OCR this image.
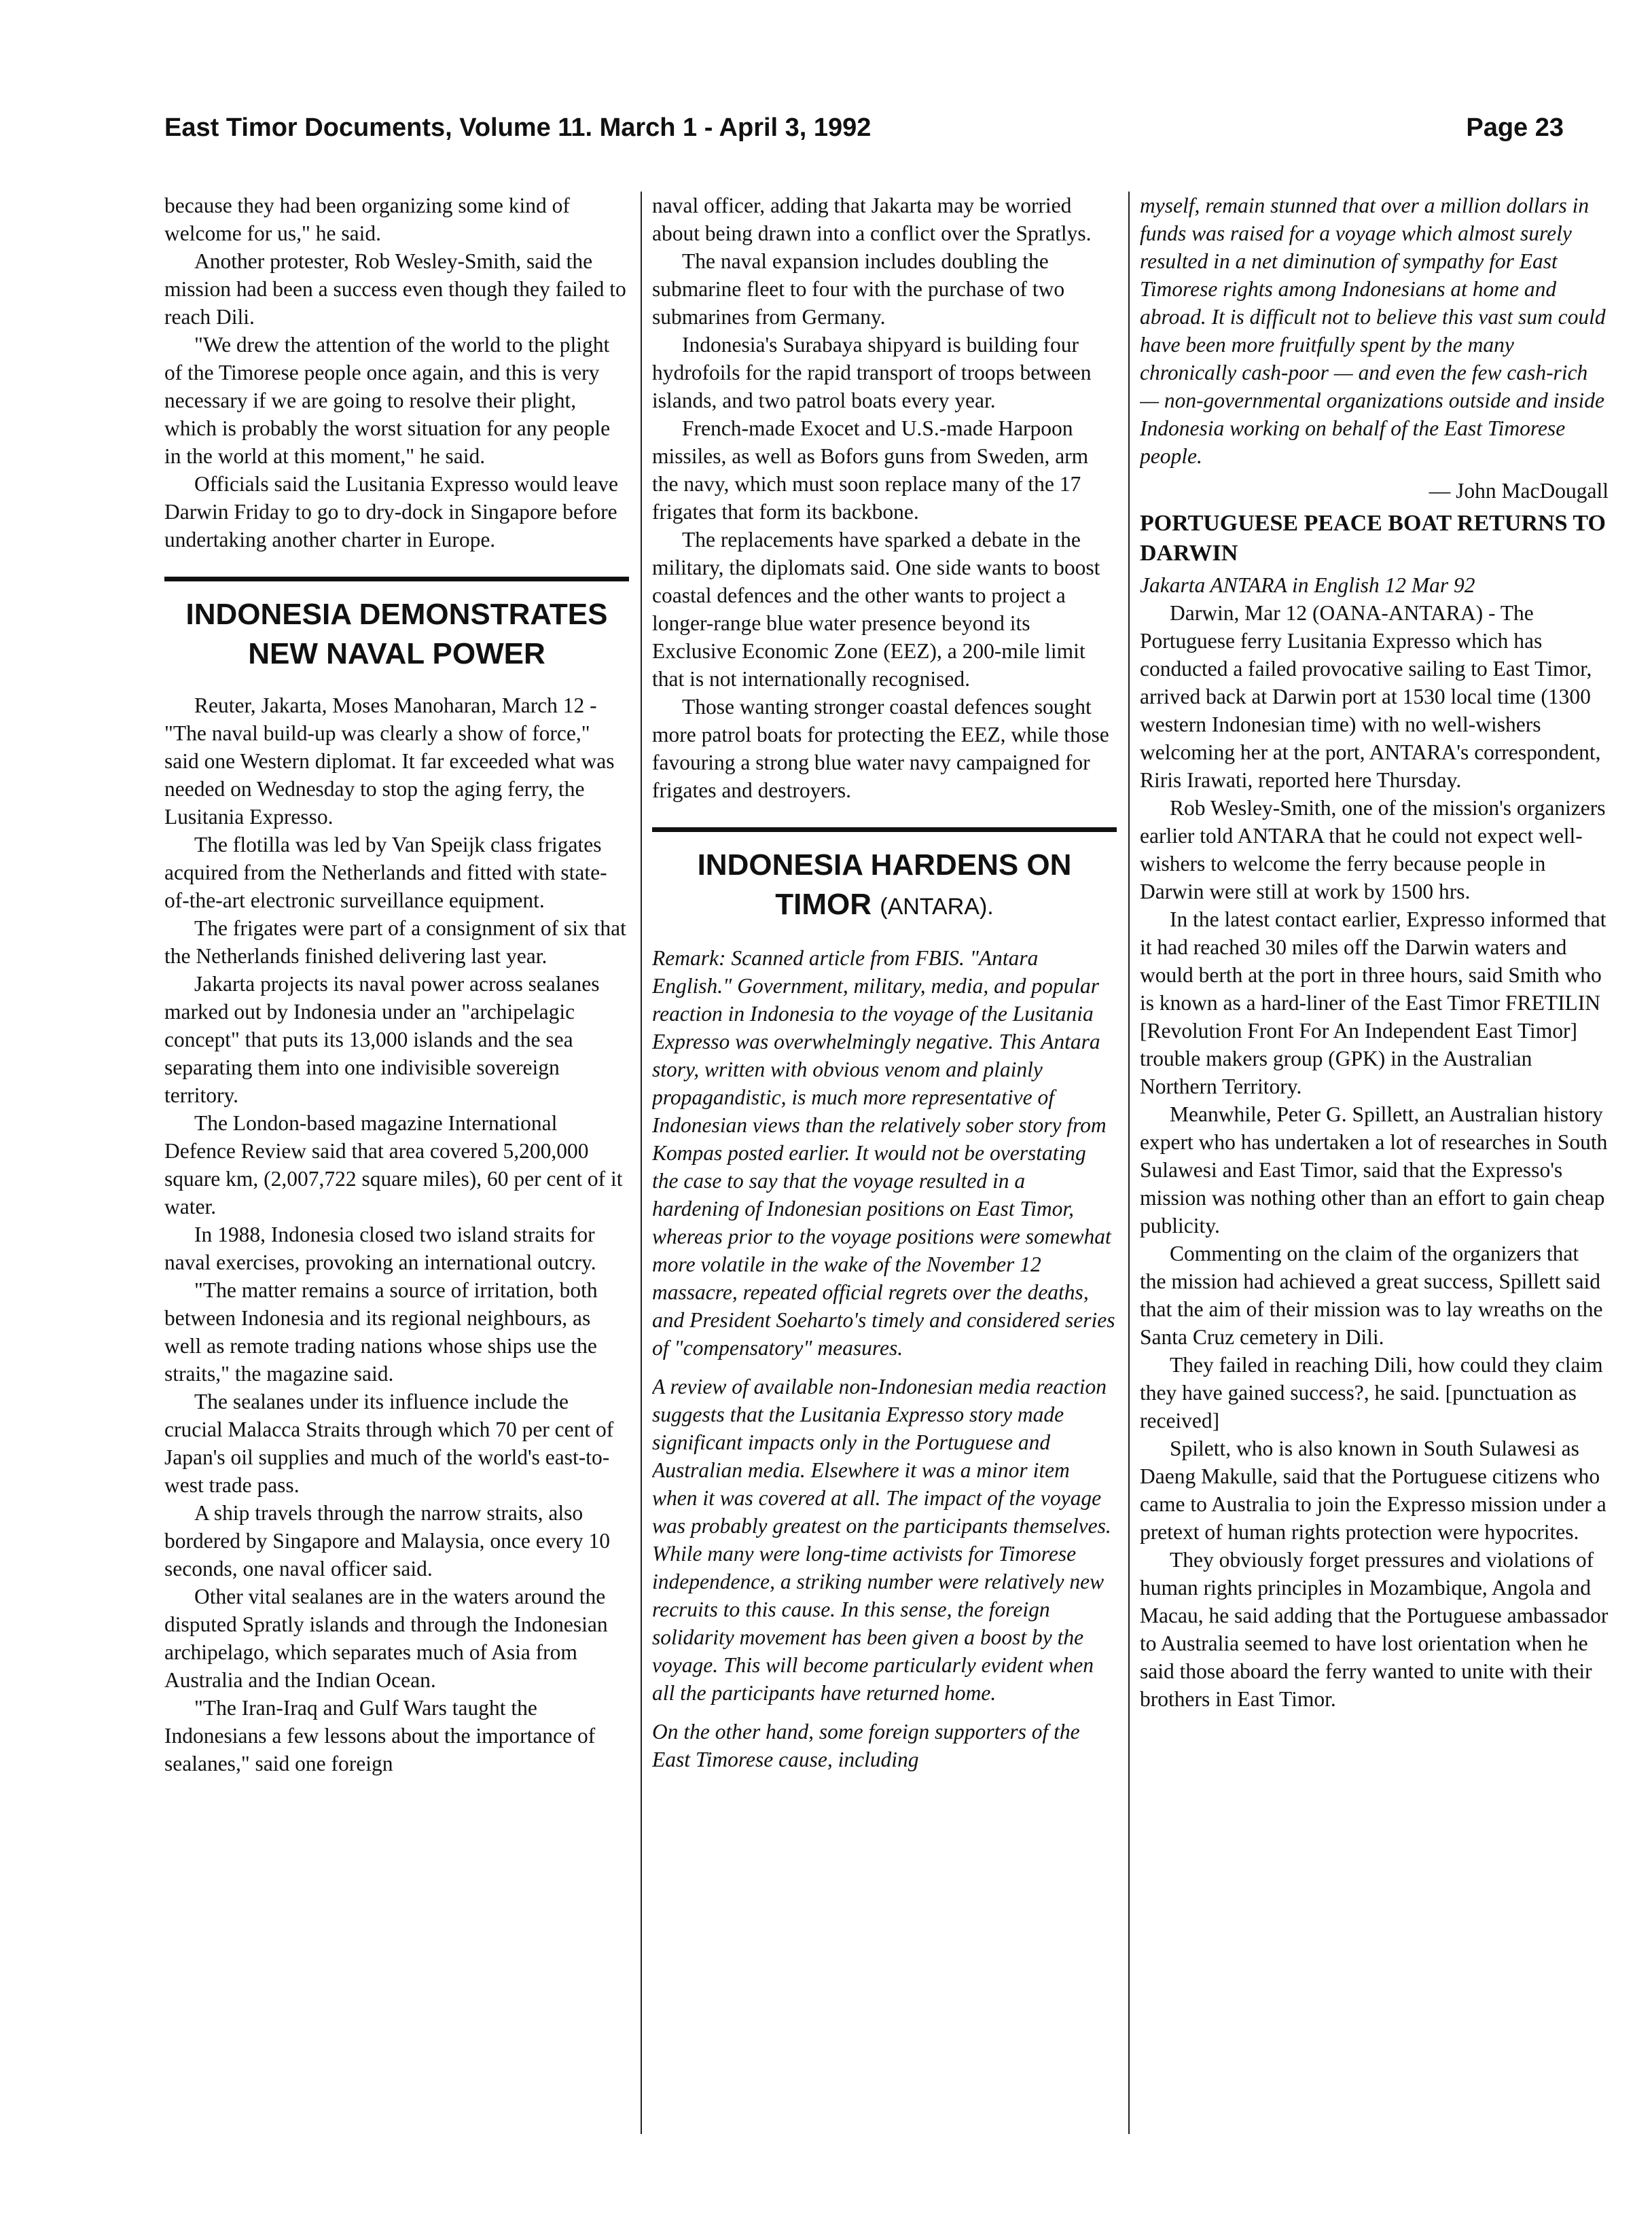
East Timor Documents, Volume 11. March 1 - April 3, 1992	Page 23

because they had been organizing some kind of welcome for us," he said.

Another protester, Rob Wesley-Smith, said the mission had been a success even though they failed to reach Dili.

"We drew the attention of the world to the plight of the Timorese people once again, and this is very necessary if we are going to resolve their plight, which is probably the worst situation for any people in the world at this moment," he said.

Officials said the Lusitania Expresso would leave Darwin Friday to go to dry-dock in Singapore before undertaking another charter in Europe.

INDONESIA DEMONSTRATES NEW NAVAL POWER

Reuter, Jakarta, Moses Manoharan, March 12 - "The naval build-up was clearly a show of force," said one Western diplomat. It far exceeded what was needed on Wednesday to stop the aging ferry, the Lusitania Expresso.

The flotilla was led by Van Speijk class frigates acquired from the Netherlands and fitted with state-of-the-art electronic surveillance equipment.

The frigates were part of a consignment of six that the Netherlands finished delivering last year.

Jakarta projects its naval power across sealanes marked out by Indonesia under an "archipelagic concept" that puts its 13,000 islands and the sea separating them into one indivisible sovereign territory.

The London-based magazine International Defence Review said that area covered 5,200,000 square km, (2,007,722 square miles), 60 per cent of it water.

In 1988, Indonesia closed two island straits for naval exercises, provoking an international outcry.

"The matter remains a source of irritation, both between Indonesia and its regional neighbours, as well as remote trading nations whose ships use the straits," the magazine said.

The sealanes under its influence include the crucial Malacca Straits through which 70 per cent of Japan's oil supplies and much of the world's east-to-west trade pass.

A ship travels through the narrow straits, also bordered by Singapore and Malaysia, once every 10 seconds, one naval officer said.

Other vital sealanes are in the waters around the disputed Spratly islands and through the Indonesian archipelago, which separates much of Asia from Australia and the Indian Ocean.

"The Iran-Iraq and Gulf Wars taught the Indonesians a few lessons about the importance of sealanes," said one foreign

naval officer, adding that Jakarta may be worried about being drawn into a conflict over the Spratlys.

The naval expansion includes doubling the submarine fleet to four with the purchase of two submarines from Germany.

Indonesia's Surabaya shipyard is building four hydrofoils for the rapid transport of troops between islands, and two patrol boats every year.

French-made Exocet and U.S.-made Harpoon missiles, as well as Bofors guns from Sweden, arm the navy, which must soon replace many of the 17 frigates that form its backbone.

The replacements have sparked a debate in the military, the diplomats said. One side wants to boost coastal defences and the other wants to project a longer-range blue water presence beyond its Exclusive Economic Zone (EEZ), a 200-mile limit that is not internationally recognised.

Those wanting stronger coastal defences sought more patrol boats for protecting the EEZ, while those favouring a strong blue water navy campaigned for frigates and destroyers.

INDONESIA HARDENS ON TIMOR (ANTARA).

Remark: Scanned article from FBIS. "Antara English." Government, military, media, and popular reaction in Indonesia to the voyage of the Lusitania Expresso was overwhelmingly negative. This Antara story, written with obvious venom and plainly propagandistic, is much more representative of Indonesian views than the relatively sober story from Kompas posted earlier. It would not be overstating the case to say that the voyage resulted in a hardening of Indonesian positions on East Timor, whereas prior to the voyage positions were somewhat more volatile in the wake of the November 12 massacre, repeated official regrets over the deaths, and President Soeharto's timely and considered series of "compensatory" measures.

A review of available non-Indonesian media reaction suggests that the Lusitania Expresso story made significant impacts only in the Portuguese and Australian media. Elsewhere it was a minor item when it was covered at all. The impact of the voyage was probably greatest on the participants themselves. While many were long-time activists for Timorese independence, a striking number were relatively new recruits to this cause. In this sense, the foreign solidarity movement has been given a boost by the voyage. This will become particularly evident when all the participants have returned home.

On the other hand, some foreign supporters of the East Timorese cause, including

myself, remain stunned that over a million dollars in funds was raised for a voyage which almost surely resulted in a net diminution of sympathy for East Timorese rights among Indonesians at home and abroad. It is difficult not to believe this vast sum could have been more fruitfully spent by the many chronically cash-poor — and even the few cash-rich — non-governmental organizations outside and inside Indonesia working on behalf of the East Timorese people.

— John MacDougall

PORTUGUESE PEACE BOAT RETURNS TO DARWIN

Jakarta ANTARA in English 12 Mar 92

Darwin, Mar 12 (OANA-ANTARA) - The Portuguese ferry Lusitania Expresso which has conducted a failed provocative sailing to East Timor, arrived back at Darwin port at 1530 local time (1300 western Indonesian time) with no well-wishers welcoming her at the port, ANTARA's correspondent, Riris Irawati, reported here Thursday.

Rob Wesley-Smith, one of the mission's organizers earlier told ANTARA that he could not expect well-wishers to welcome the ferry because people in Darwin were still at work by 1500 hrs.

In the latest contact earlier, Expresso informed that it had reached 30 miles off the Darwin waters and would berth at the port in three hours, said Smith who is known as a hard-liner of the East Timor FRETILIN [Revolution Front For An Independent East Timor] trouble makers group (GPK) in the Australian Northern Territory.

Meanwhile, Peter G. Spillett, an Australian history expert who has undertaken a lot of researches in South Sulawesi and East Timor, said that the Expresso's mission was nothing other than an effort to gain cheap publicity.

Commenting on the claim of the organizers that the mission had achieved a great success, Spillett said that the aim of their mission was to lay wreaths on the Santa Cruz cemetery in Dili.

They failed in reaching Dili, how could they claim they have gained success?, he said. [punctuation as received]

Spilett, who is also known in South Sulawesi as Daeng Makulle, said that the Portuguese citizens who came to Australia to join the Expresso mission under a pretext of human rights protection were hypocrites.

They obviously forget pressures and violations of human rights principles in Mozambique, Angola and Macau, he said adding that the Portuguese ambassador to Australia seemed to have lost orientation when he said those aboard the ferry wanted to unite with their brothers in East Timor.
